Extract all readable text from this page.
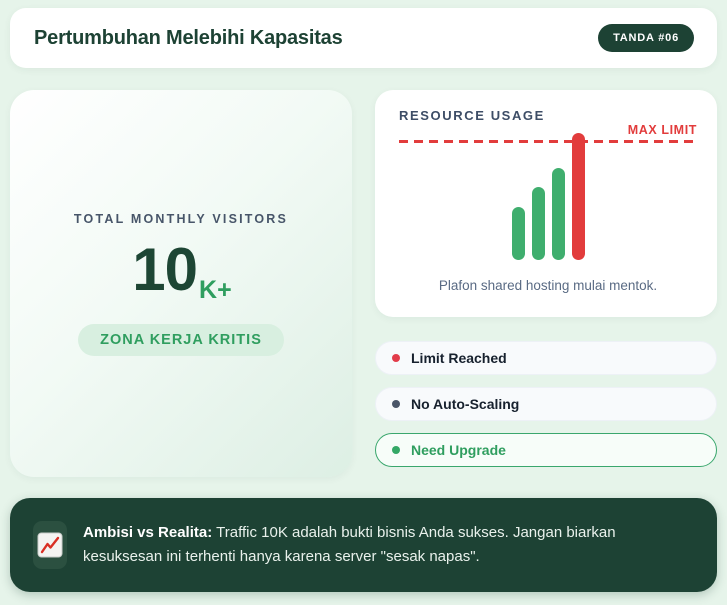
Pertumbuhan Melebihi Kapasitas	TANDA #06
TOTAL MONTHLY VISITORS
10 K+
ZONA KERJA KRITIS
RESOURCE USAGE
MAX LIMIT
Plafon shared hosting mulai mentok.
Limit Reached
No Auto-Scaling
Need Upgrade

Ambisi vs Realita: Traffic 10K adalah bukti bisnis Anda sukses. Jangan biarkan kesuksesan ini terhenti hanya karena server "sesak napas".
